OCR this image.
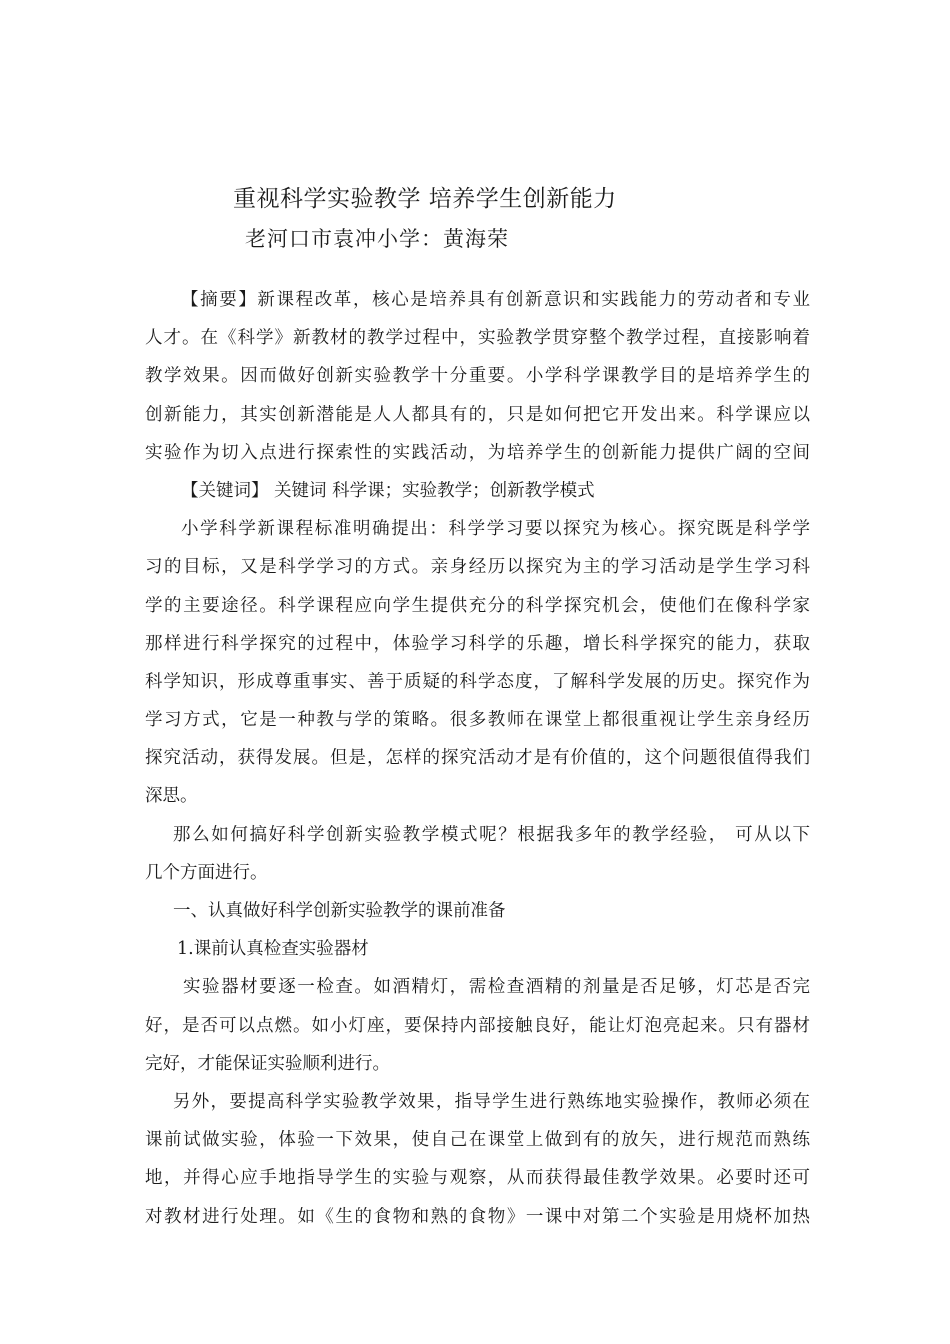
重视科学实验教学 培养学生创新能力
老河口市袁冲小学：黄海荣
【摘要】新课程改革，核心是培养具有创新意识和实践能力的劳动者和专业
人才。在《科学》新教材的教学过程中，实验教学贯穿整个教学过程，直接影响着
教学效果。因而做好创新实验教学十分重要。小学科学课教学目的是培养学生的
创新能力，其实创新潜能是人人都具有的，只是如何把它开发出来。科学课应以
实验作为切入点进行探索性的实践活动，为培养学生的创新能力提供广阔的空间
【关键词】 关键词 科学课；实验教学；创新教学模式
小学科学新课程标准明确提出：科学学习要以探究为核心。探究既是科学学
习的目标，又是科学学习的方式。亲身经历以探究为主的学习活动是学生学习科
学的主要途径。科学课程应向学生提供充分的科学探究机会，使他们在像科学家
那样进行科学探究的过程中，体验学习科学的乐趣，增长科学探究的能力，获取
科学知识，形成尊重事实、善于质疑的科学态度，了解科学发展的历史。探究作为
学习方式，它是一种教与学的策略。很多教师在课堂上都很重视让学生亲身经历
探究活动，获得发展。但是，怎样的探究活动才是有价值的，这个问题很值得我们
深思。
那么如何搞好科学创新实验教学模式呢？根据我多年的教学经验， 可从以下
几个方面进行。
一、认真做好科学创新实验教学的课前准备
1.课前认真检查实验器材
实验器材要逐一检查。如酒精灯，需检查酒精的剂量是否足够，灯芯是否完
好，是否可以点燃。如小灯座，要保持内部接触良好，能让灯泡亮起来。只有器材
完好，才能保证实验顺利进行。
另外，要提高科学实验教学效果，指导学生进行熟练地实验操作，教师必须在
课前试做实验，体验一下效果，使自己在课堂上做到有的放矢，进行规范而熟练
地，并得心应手地指导学生的实验与观察，从而获得最佳教学效果。必要时还可
对教材进行处理。如《生的食物和熟的食物》一课中对第二个实验是用烧杯加热
